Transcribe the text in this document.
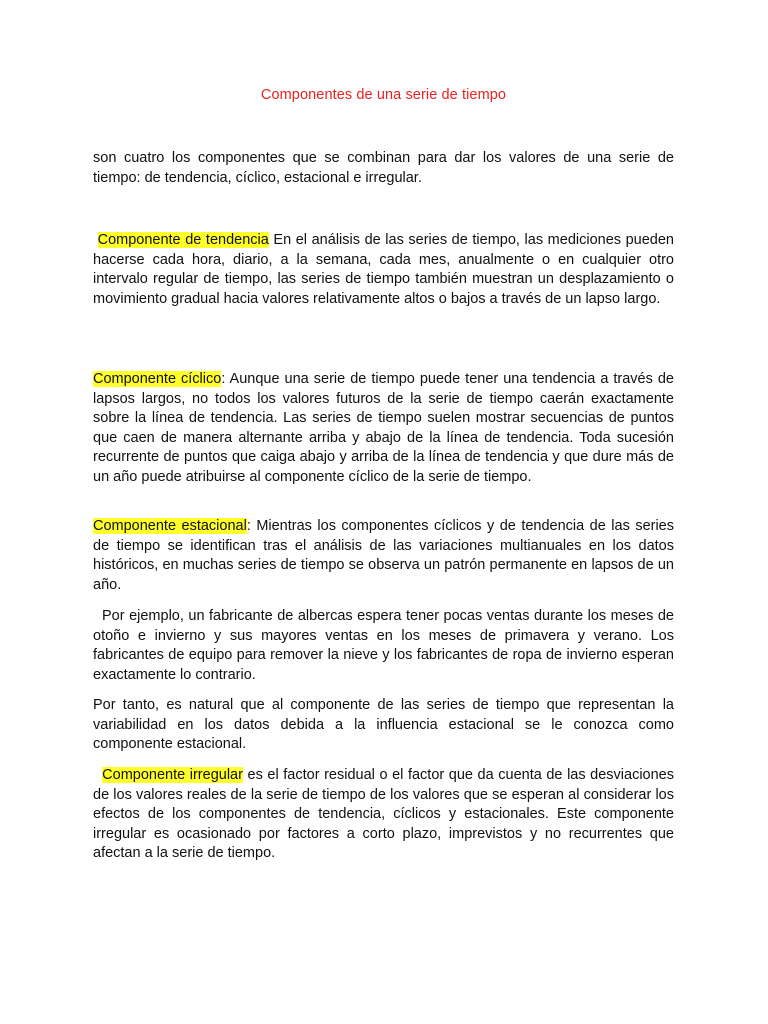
Componentes de una serie de tiempo

son cuatro los componentes que se combinan para dar los valores de una serie de tiempo: de tendencia, cíclico, estacional e irregular.

Componente de tendencia En el análisis de las series de tiempo, las mediciones pueden hacerse cada hora, diario, a la semana, cada mes, anualmente o en cualquier otro intervalo regular de tiempo, las series de tiempo también muestran un desplazamiento o movimiento gradual hacia valores relativamente altos o bajos a través de un lapso largo.

Componente cíclico: Aunque una serie de tiempo puede tener una tendencia a través de lapsos largos, no todos los valores futuros de la serie de tiempo caerán exactamente sobre la línea de tendencia. Las series de tiempo suelen mostrar secuencias de puntos que caen de manera alternante arriba y abajo de la línea de tendencia. Toda sucesión recurrente de puntos que caiga abajo y arriba de la línea de tendencia y que dure más de un año puede atribuirse al componente cíclico de la serie de tiempo.

Componente estacional: Mientras los componentes cíclicos y de tendencia de las series de tiempo se identifican tras el análisis de las variaciones multianuales en los datos históricos, en muchas series de tiempo se observa un patrón permanente en lapsos de un año.

Por ejemplo, un fabricante de albercas espera tener pocas ventas durante los meses de otoño e invierno y sus mayores ventas en los meses de primavera y verano. Los fabricantes de equipo para remover la nieve y los fabricantes de ropa de invierno esperan exactamente lo contrario.

Por tanto, es natural que al componente de las series de tiempo que representan la variabilidad en los datos debida a la influencia estacional se le conozca como componente estacional.

Componente irregular es el factor residual o el factor que da cuenta de las desviaciones de los valores reales de la serie de tiempo de los valores que se esperan al considerar los efectos de los componentes de tendencia, cíclicos y estacionales. Este componente irregular es ocasionado por factores a corto plazo, imprevistos y no recurrentes que afectan a la serie de tiempo.
